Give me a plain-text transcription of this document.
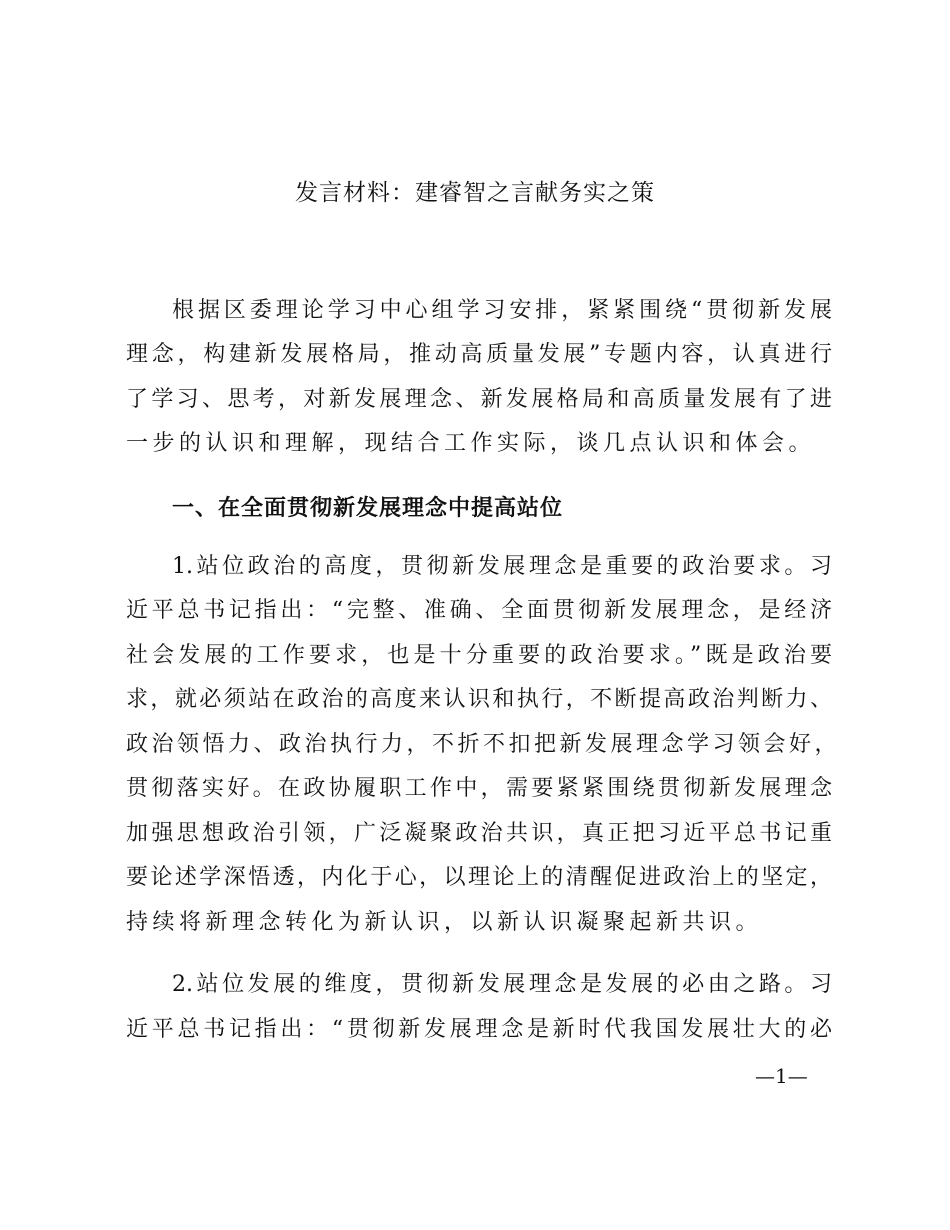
发言材料：建睿智之言献务实之策
根据区委理论学习中心组学习安排，紧紧围绕“贯彻新发展
理念，构建新发展格局，推动高质量发展”专题内容，认真进行
了学习、思考，对新发展理念、新发展格局和高质量发展有了进
一步的认识和理解，现结合工作实际，谈几点认识和体会。
一、在全面贯彻新发展理念中提高站位
1.站位政治的高度，贯彻新发展理念是重要的政治要求。习
近平总书记指出：“完整、准确、全面贯彻新发展理念，是经济
社会发展的工作要求，也是十分重要的政治要求。”既是政治要
求，就必须站在政治的高度来认识和执行，不断提高政治判断力、
政治领悟力、政治执行力，不折不扣把新发展理念学习领会好，
贯彻落实好。在政协履职工作中，需要紧紧围绕贯彻新发展理念
加强思想政治引领，广泛凝聚政治共识，真正把习近平总书记重
要论述学深悟透，内化于心，以理论上的清醒促进政治上的坚定，
持续将新理念转化为新认识，以新认识凝聚起新共识。
2.站位发展的维度，贯彻新发展理念是发展的必由之路。习
近平总书记指出：“贯彻新发展理念是新时代我国发展壮大的必
—1—
